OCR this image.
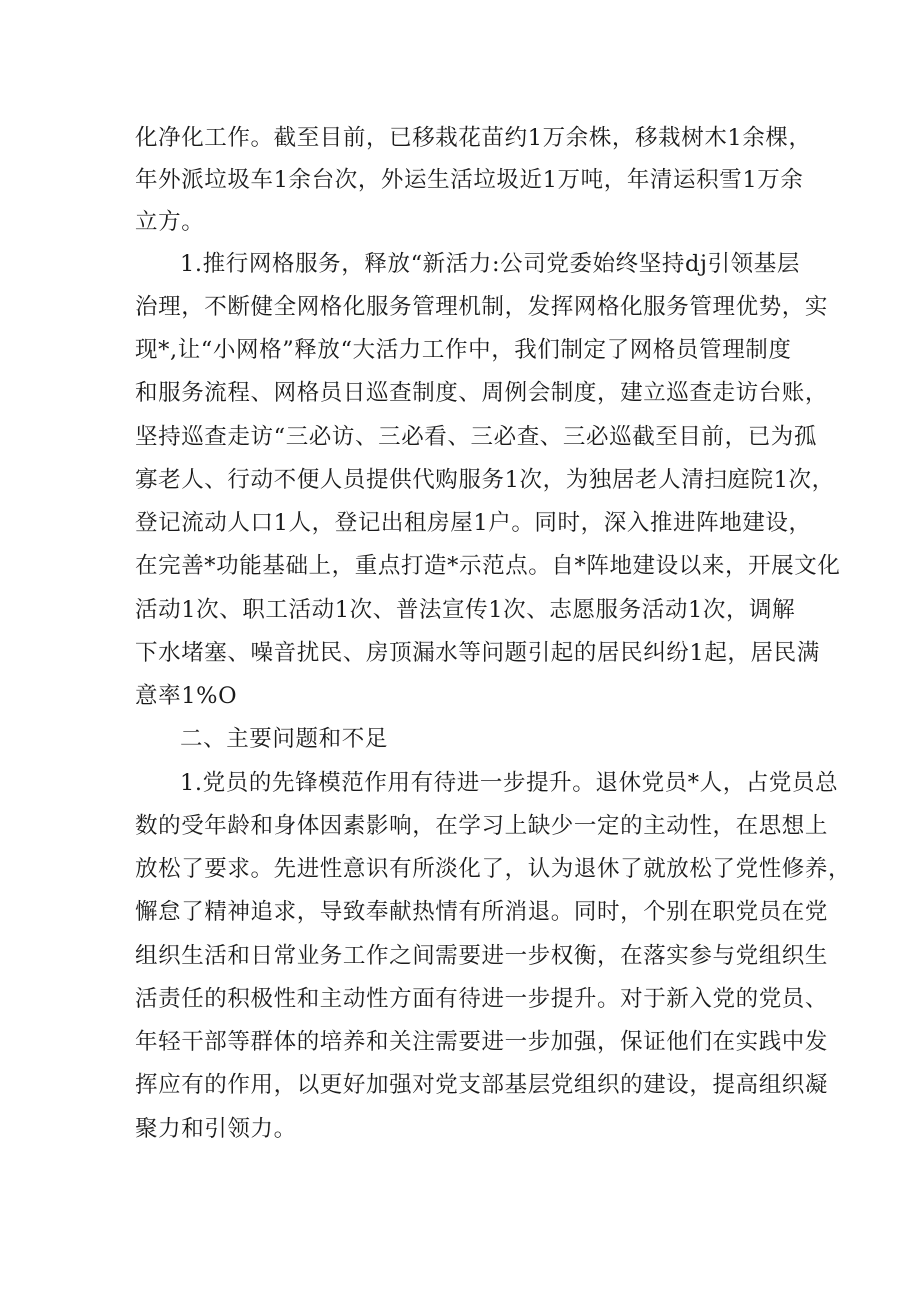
化净化工作。截至目前，已移栽花苗约1万余株，移栽树木1余棵，

年外派垃圾车1余台次，外运生活垃圾近1万吨，年清运积雪1万余

立方。

1.推行网格服务，释放“新活力:公司党委始终坚持dj引领基层

治理，不断健全网格化服务管理机制，发挥网格化服务管理优势，实

现*,让“小网格”释放“大活力工作中，我们制定了网格员管理制度

和服务流程、网格员日巡查制度、周例会制度，建立巡查走访台账，

坚持巡查走访“三必访、三必看、三必查、三必巡截至目前，已为孤

寡老人、行动不便人员提供代购服务1次，为独居老人清扫庭院1次，

登记流动人口1人，登记出租房屋1户。同时，深入推进阵地建设，

在完善*功能基础上，重点打造*示范点。自*阵地建设以来，开展文化

活动1次、职工活动1次、普法宣传1次、志愿服务活动1次，调解

下水堵塞、噪音扰民、房顶漏水等问题引起的居民纠纷1起，居民满

意率1%O

二、主要问题和不足

1.党员的先锋模范作用有待进一步提升。退休党员*人，占党员总

数的受年龄和身体因素影响，在学习上缺少一定的主动性，在思想上

放松了要求。先进性意识有所淡化了，认为退休了就放松了党性修养，

懈怠了精神追求，导致奉献热情有所消退。同时，个别在职党员在党

组织生活和日常业务工作之间需要进一步权衡，在落实参与党组织生

活责任的积极性和主动性方面有待进一步提升。对于新入党的党员、

年轻干部等群体的培养和关注需要进一步加强，保证他们在实践中发

挥应有的作用，以更好加强对党支部基层党组织的建设，提高组织凝

聚力和引领力。
